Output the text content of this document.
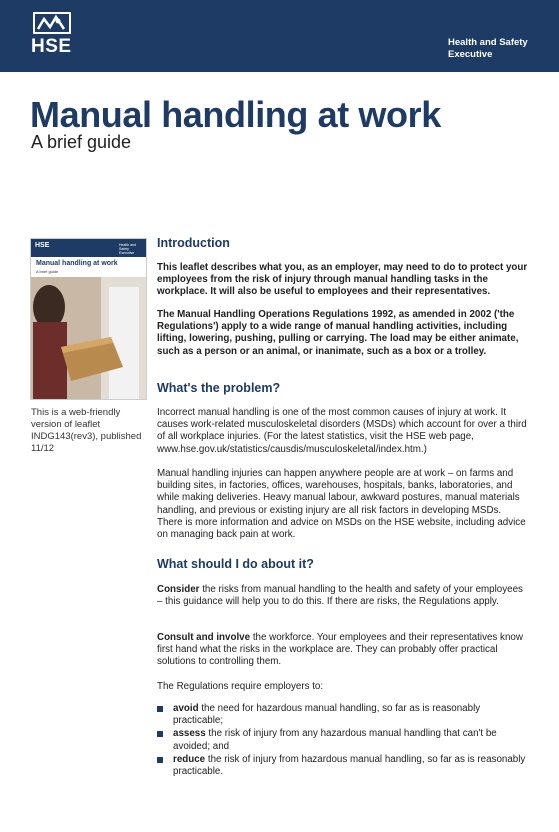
HSE	Health and Safety Executive
Manual handling at work
A brief guide
HSE	Health and Safety Executive
Manual handling at work
A brief guide
This is a web-friendly version of leaflet INDG143(rev3), published 11/12
Introduction

This leaflet describes what you, as an employer, may need to do to protect your employees from the risk of injury through manual handling tasks in the workplace. It will also be useful to employees and their representatives.

The Manual Handling Operations Regulations 1992, as amended in 2002 ('the Regulations') apply to a wide range of manual handling activities, including lifting, lowering, pushing, pulling or carrying. The load may be either animate, such as a person or an animal, or inanimate, such as a box or a trolley.

What's the problem?

Incorrect manual handling is one of the most common causes of injury at work. It causes work-related musculoskeletal disorders (MSDs) which account for over a third of all workplace injuries. (For the latest statistics, visit the HSE web page, www.hse.gov.uk/statistics/causdis/musculoskeletal/index.htm.)

Manual handling injuries can happen anywhere people are at work – on farms and building sites, in factories, offices, warehouses, hospitals, banks, laboratories, and while making deliveries. Heavy manual labour, awkward postures, manual materials handling, and previous or existing injury are all risk factors in developing MSDs. There is more information and advice on MSDs on the HSE website, including advice on managing back pain at work.

What should I do about it?

Consider the risks from manual handling to the health and safety of your employees – this guidance will help you to do this. If there are risks, the Regulations apply.

Consult and involve the workforce. Your employees and their representatives know first hand what the risks in the workplace are. They can probably offer practical solutions to controlling them.

The Regulations require employers to:

avoid the need for hazardous manual handling, so far as is reasonably practicable;
assess the risk of injury from any hazardous manual handling that can't be avoided; and
reduce the risk of injury from hazardous manual handling, so far as is reasonably practicable.
